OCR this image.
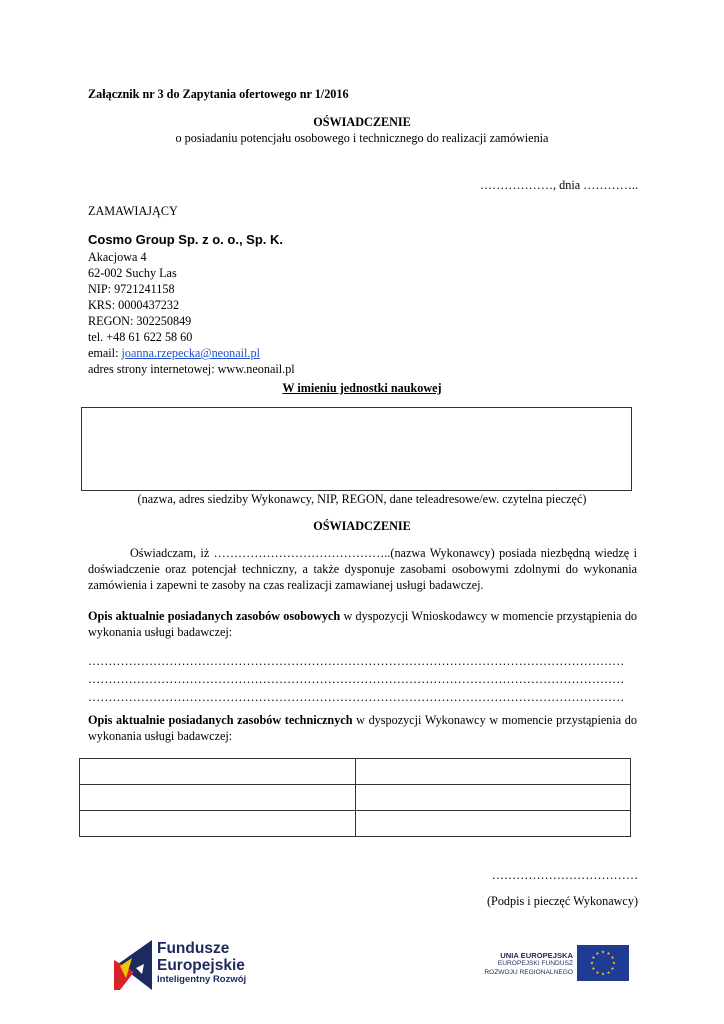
Załącznik nr 3 do Zapytania ofertowego nr 1/2016
OŚWIADCZENIE
o posiadaniu potencjału osobowego i technicznego do realizacji zamówienia
………………, dnia …………..
ZAMAWIAJĄCY
Cosmo Group Sp. z o. o., Sp. K.
Akacjowa 4
62-002 Suchy Las
NIP: 9721241158
KRS: 0000437232
REGON: 302250849
tel. +48 61 622 58 60
email: joanna.rzepecka@neonail.pl
adres strony internetowej: www.neonail.pl
W imieniu jednostki naukowej
(nazwa, adres siedziby Wykonawcy, NIP, REGON, dane teleadresowe/ew. czytelna pieczęć)
OŚWIADCZENIE
Oświadczam, iż ……………………………………..(nazwa Wykonawcy) posiada niezbędną wiedzę i doświadczenie oraz potencjał techniczny, a także dysponuje zasobami osobowymi zdolnymi do wykonania zamówienia i zapewni te zasoby na czas realizacji zamawianej usługi badawczej.
Opis aktualnie posiadanych zasobów osobowych w dyspozycji Wnioskodawcy w momencie przystąpienia do wykonania usługi badawczej:
……………………………………………………………………………………………………………………
……………………………………………………………………………………………………………………
……………………………………………………………………………………………………………………
Opis aktualnie posiadanych zasobów technicznych w dyspozycji Wykonawcy w momencie przystąpienia do wykonania usługi badawczej:

………………………………
(Podpis i pieczęć Wykonawcy)
Fundusze
Europejskie
Inteligentny Rozwój
UNIA EUROPEJSKA
EUROPEJSKI FUNDUSZ
ROZWOJU REGIONALNEGO
